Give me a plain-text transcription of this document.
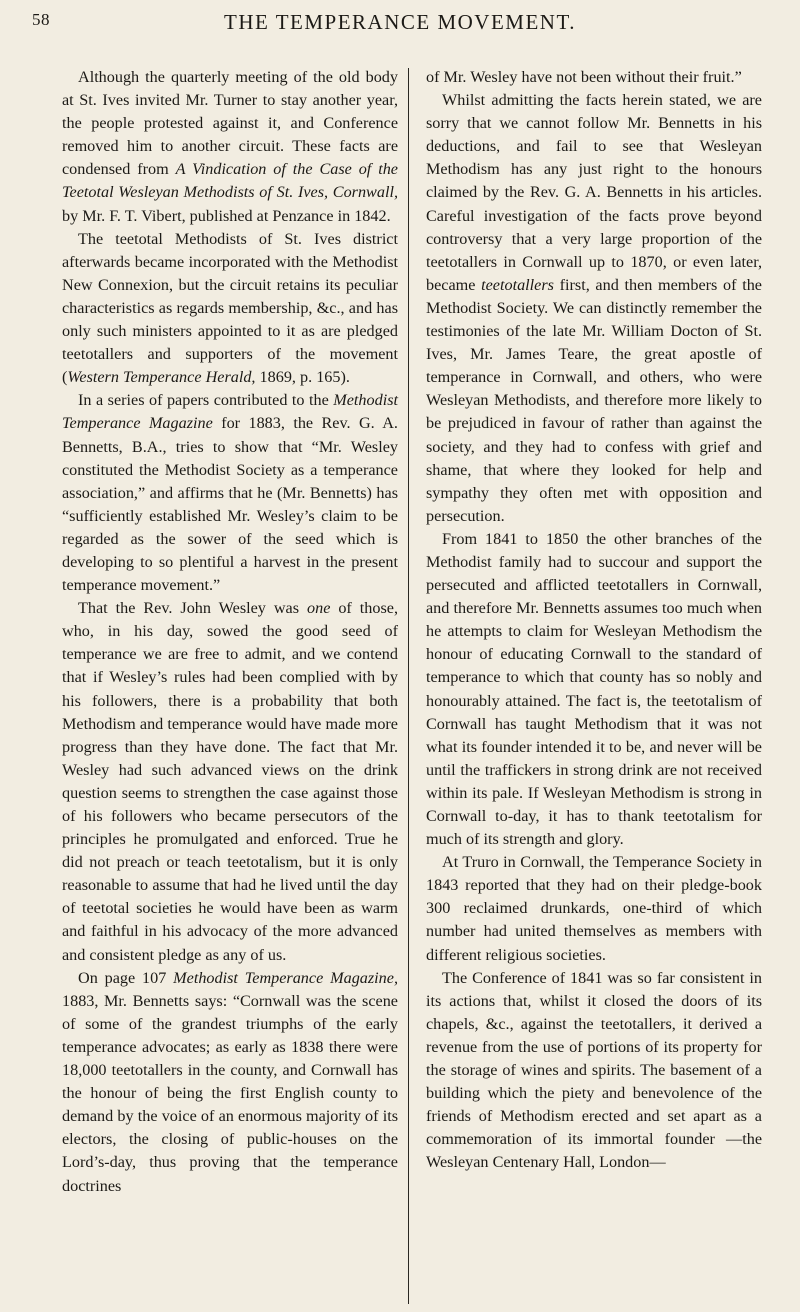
58	THE TEMPERANCE MOVEMENT.

Although the quarterly meeting of the old body at St. Ives invited Mr. Turner to stay another year, the people protested against it, and Conference removed him to another circuit. These facts are condensed from A Vindication of the Case of the Teetotal Wesleyan Methodists of St. Ives, Cornwall, by Mr. F. T. Vibert, published at Penzance in 1842.

The teetotal Methodists of St. Ives district afterwards became incorporated with the Methodist New Connexion, but the circuit retains its peculiar characteristics as regards membership, &c., and has only such ministers appointed to it as are pledged teetotallers and supporters of the movement (Western Temperance Herald, 1869, p. 165).

In a series of papers contributed to the Methodist Temperance Magazine for 1883, the Rev. G. A. Bennetts, B.A., tries to show that “Mr. Wesley constituted the Methodist Society as a temperance association,” and affirms that he (Mr. Bennetts) has “sufficiently established Mr. Wesley’s claim to be regarded as the sower of the seed which is developing to so plentiful a harvest in the present temperance movement.”

That the Rev. John Wesley was one of those, who, in his day, sowed the good seed of temperance we are free to admit, and we contend that if Wesley’s rules had been complied with by his followers, there is a probability that both Methodism and temperance would have made more progress than they have done. The fact that Mr. Wesley had such advanced views on the drink question seems to strengthen the case against those of his followers who became persecutors of the principles he promulgated and enforced. True he did not preach or teach teetotalism, but it is only reasonable to assume that had he lived until the day of teetotal societies he would have been as warm and faithful in his advocacy of the more advanced and consistent pledge as any of us.

On page 107 Methodist Temperance Magazine, 1883, Mr. Bennetts says: “Cornwall was the scene of some of the grandest triumphs of the early temperance advocates; as early as 1838 there were 18,000 teetotallers in the county, and Cornwall has the honour of being the first English county to demand by the voice of an enormous majority of its electors, the closing of public-houses on the Lord’s-day, thus proving that the temperance doctrines

of Mr. Wesley have not been without their fruit.”

Whilst admitting the facts herein stated, we are sorry that we cannot follow Mr. Bennetts in his deductions, and fail to see that Wesleyan Methodism has any just right to the honours claimed by the Rev. G. A. Bennetts in his articles. Careful investigation of the facts prove beyond controversy that a very large proportion of the teetotallers in Cornwall up to 1870, or even later, became teetotallers first, and then members of the Methodist Society. We can distinctly remember the testimonies of the late Mr. William Docton of St. Ives, Mr. James Teare, the great apostle of temperance in Cornwall, and others, who were Wesleyan Methodists, and therefore more likely to be prejudiced in favour of rather than against the society, and they had to confess with grief and shame, that where they looked for help and sympathy they often met with opposition and persecution.

From 1841 to 1850 the other branches of the Methodist family had to succour and support the persecuted and afflicted teetotallers in Cornwall, and therefore Mr. Bennetts assumes too much when he attempts to claim for Wesleyan Methodism the honour of educating Cornwall to the standard of temperance to which that county has so nobly and honourably attained. The fact is, the teetotalism of Cornwall has taught Methodism that it was not what its founder intended it to be, and never will be until the traffickers in strong drink are not received within its pale. If Wesleyan Methodism is strong in Cornwall to-day, it has to thank teetotalism for much of its strength and glory.

At Truro in Cornwall, the Temperance Society in 1843 reported that they had on their pledge-book 300 reclaimed drunkards, one-third of which number had united themselves as members with different religious societies.

The Conference of 1841 was so far consistent in its actions that, whilst it closed the doors of its chapels, &c., against the teetotallers, it derived a revenue from the use of portions of its property for the storage of wines and spirits. The basement of a building which the piety and benevolence of the friends of Methodism erected and set apart as a commemoration of its immortal founder —the Wesleyan Centenary Hall, London—
